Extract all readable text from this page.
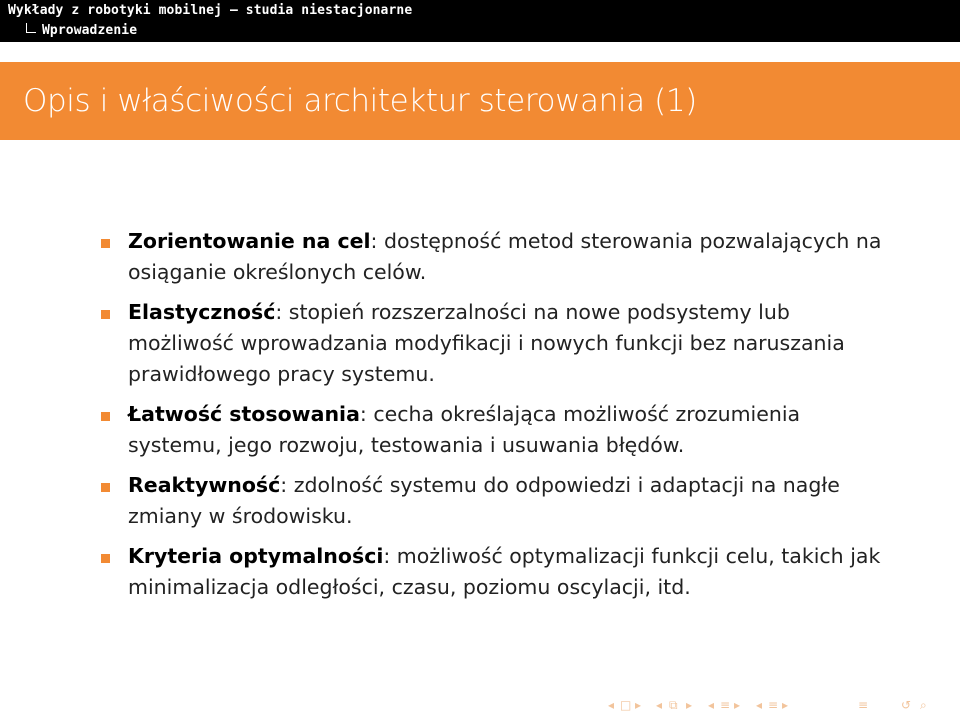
Wykłady z robotyki mobilnej — studia niestacjonarne
Wprowadzenie
Opis i właściwości architektur sterowania (1)
Zorientowanie na cel: dostępność metod sterowania pozwalających na osiąganie określonych celów.
Elastyczność: stopień rozszerzalności na nowe podsystemy lub możliwość wprowadzania modyfikacji i nowych funkcji bez naruszania prawidłowego pracy systemu.
Łatwość stosowania: cecha określająca możliwość zrozumienia systemu, jego rozwoju, testowania i usuwania błędów.
Reaktywność: zdolność systemu do odpowiedzi i adaptacji na nagłe zmiany w środowisku.
Kryteria optymalności: możliwość optymalizacji funkcji celu, takich jak minimalizacja odległości, czasu, poziomu oscylacji, itd.
◂ □ ▸ ◂ ⧉ ▸ ◂ ≡ ▸ ◂ ≡ ▸	≡	↺ ⌕
